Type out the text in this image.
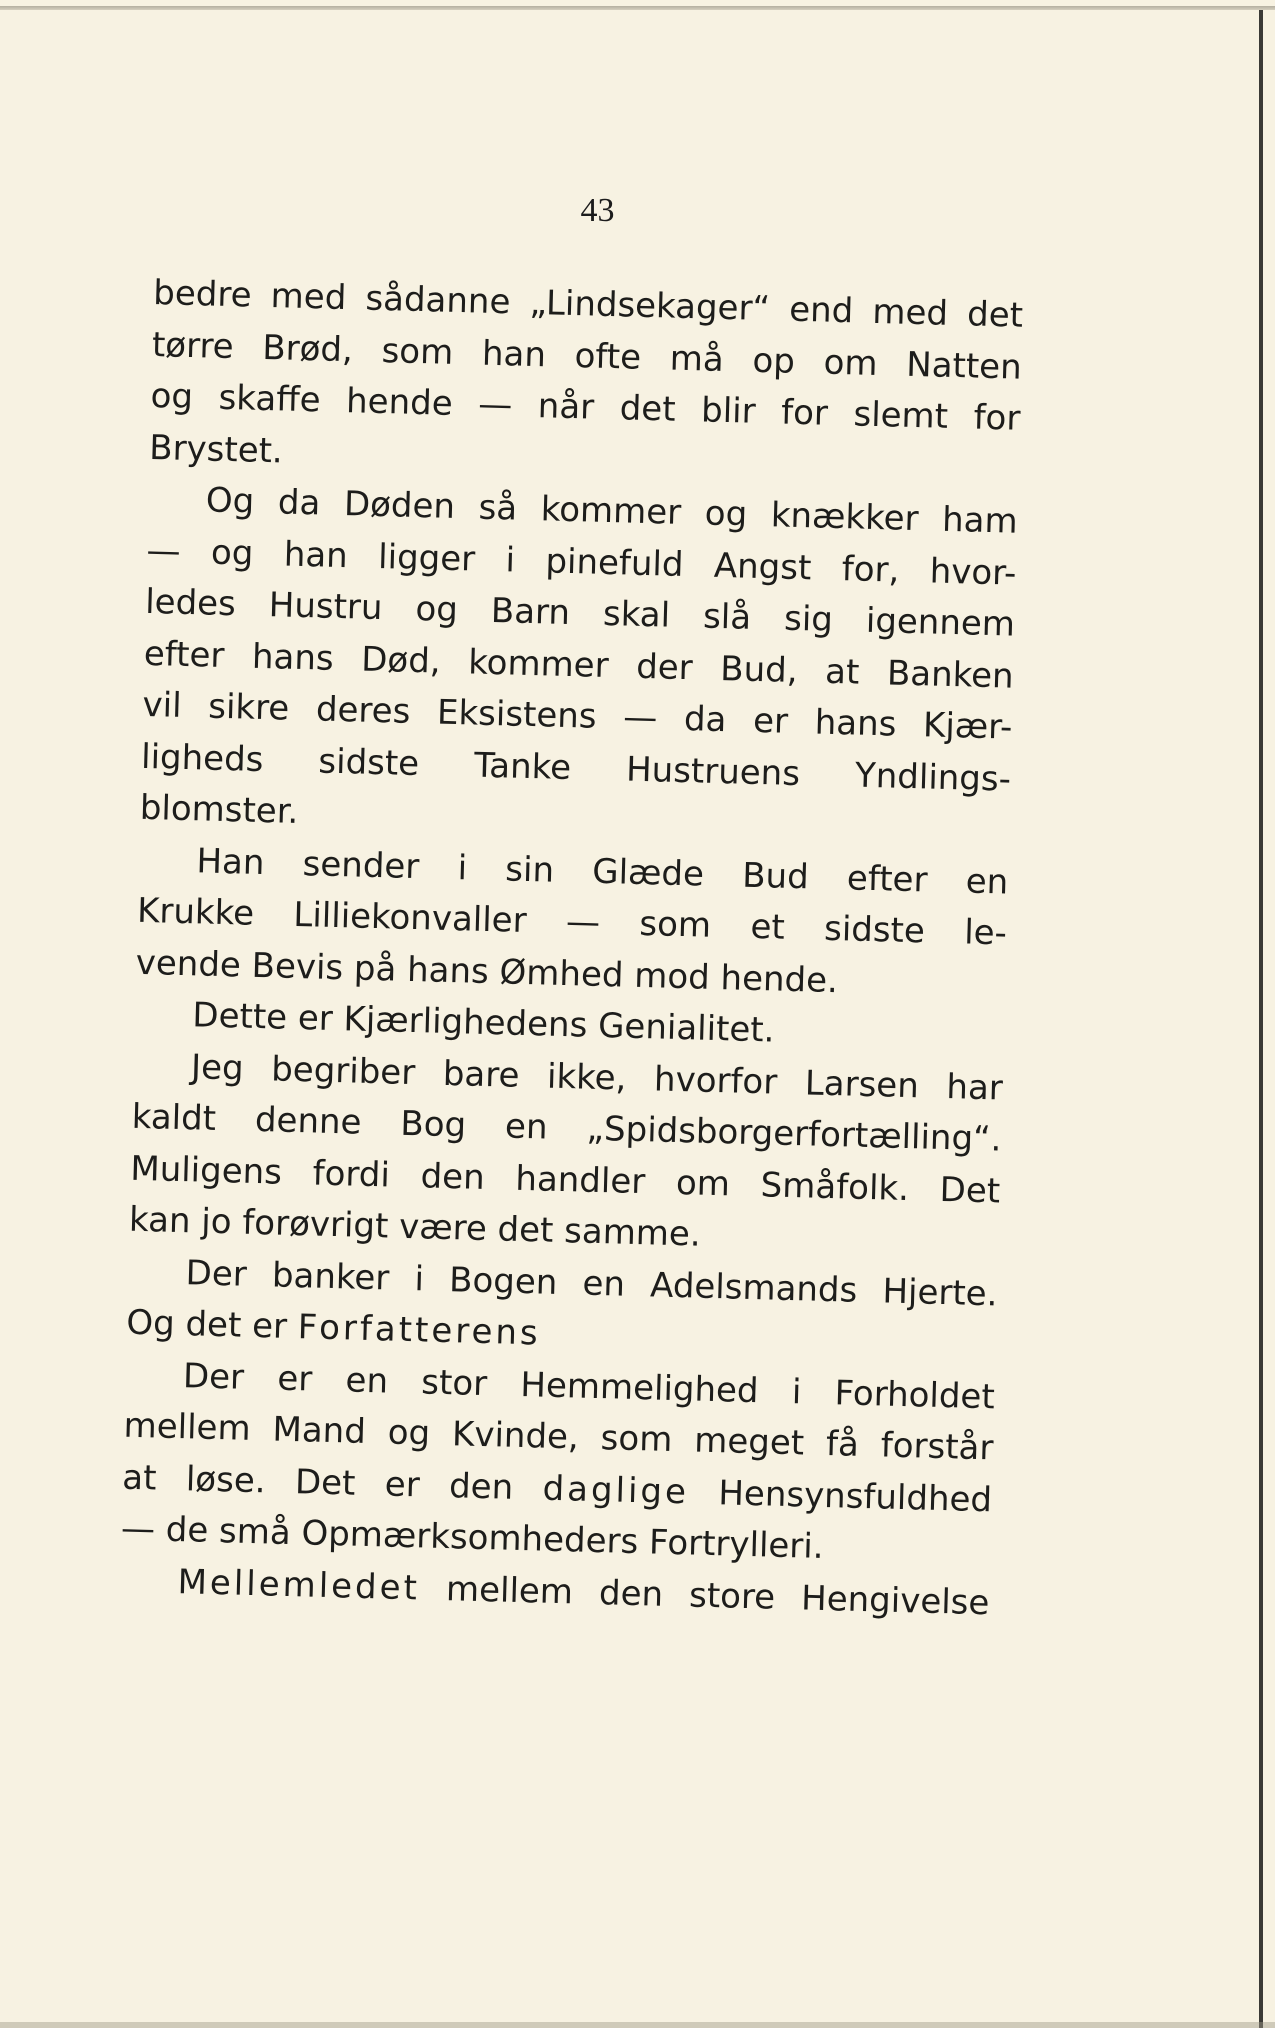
43
bedre med sådanne „Lindsekager“ end med det
tørre Brød, som han ofte må op om Natten
og skaffe hende — når det blir for slemt for
Brystet.
Og da Døden så kommer og knækker ham
— og han ligger i pinefuld Angst for, hvor-
ledes Hustru og Barn skal slå sig igennem
efter hans Død, kommer der Bud, at Banken
vil sikre deres Eksistens — da er hans Kjær-
ligheds sidste Tanke Hustruens Yndlings-
blomster.
Han sender i sin Glæde Bud efter en
Krukke Lilliekonvaller — som et sidste le-
vende Bevis på hans Ømhed mod hende.
Dette er Kjærlighedens Genialitet.
Jeg begriber bare ikke, hvorfor Larsen har
kaldt denne Bog en „Spidsborgerfortælling“.
Muligens fordi den handler om Småfolk. Det
kan jo forøvrigt være det samme.
Der banker i Bogen en Adelsmands Hjerte.
Og det er Forfatterens
Der er en stor Hemmelighed i Forholdet
mellem Mand og Kvinde, som meget få forstår
at løse. Det er den daglige Hensynsfuldhed
— de små Opmærksomheders Fortrylleri.
Mellemledet mellem den store Hengivelse
